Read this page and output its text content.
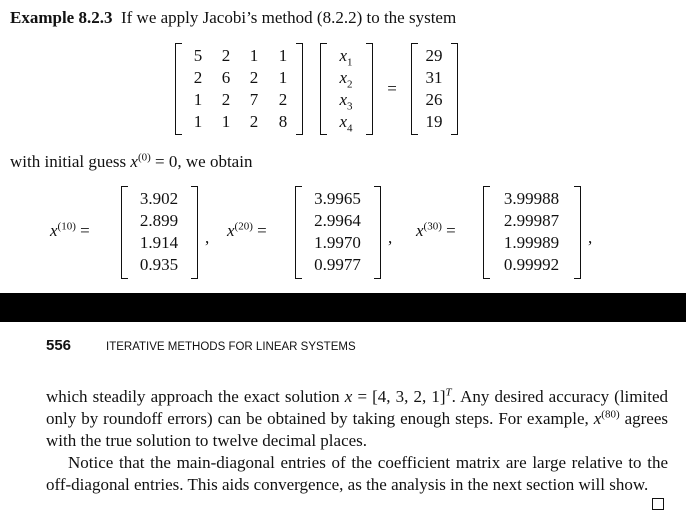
Example 8.2.3 If we apply Jacobi’s method (8.2.2) to the system
5
2
1
1
2
6
2
1
1
2
7
2
1
1
2
8
$x_1$
$x_2$
$x_3$
$x_4$
=
29
31
26
19
with initial guess $x^{(0)} = 0$, we obtain
$x^{(10)}$ =
3.902
2.899
1.914
0.935
, $x^{(20)}$ =
3.9965
2.9964
1.9970
0.9977
, $x^{(30)}$ =
3.99988
2.99987
1.99989
0.99992
,
556	ITERATIVE METHODS FOR LINEAR SYSTEMS
which steadily approach the exact solution x = [4, 3, 2, 1]$^T$. Any desired accuracy (limited only by roundoff errors) can be obtained by taking enough steps. For example, $x^{(80)}$ agrees with the true solution to twelve decimal places.
Notice that the main-diagonal entries of the coefficient matrix are large relative to the off-diagonal entries. This aids convergence, as the analysis in the next section will show.
